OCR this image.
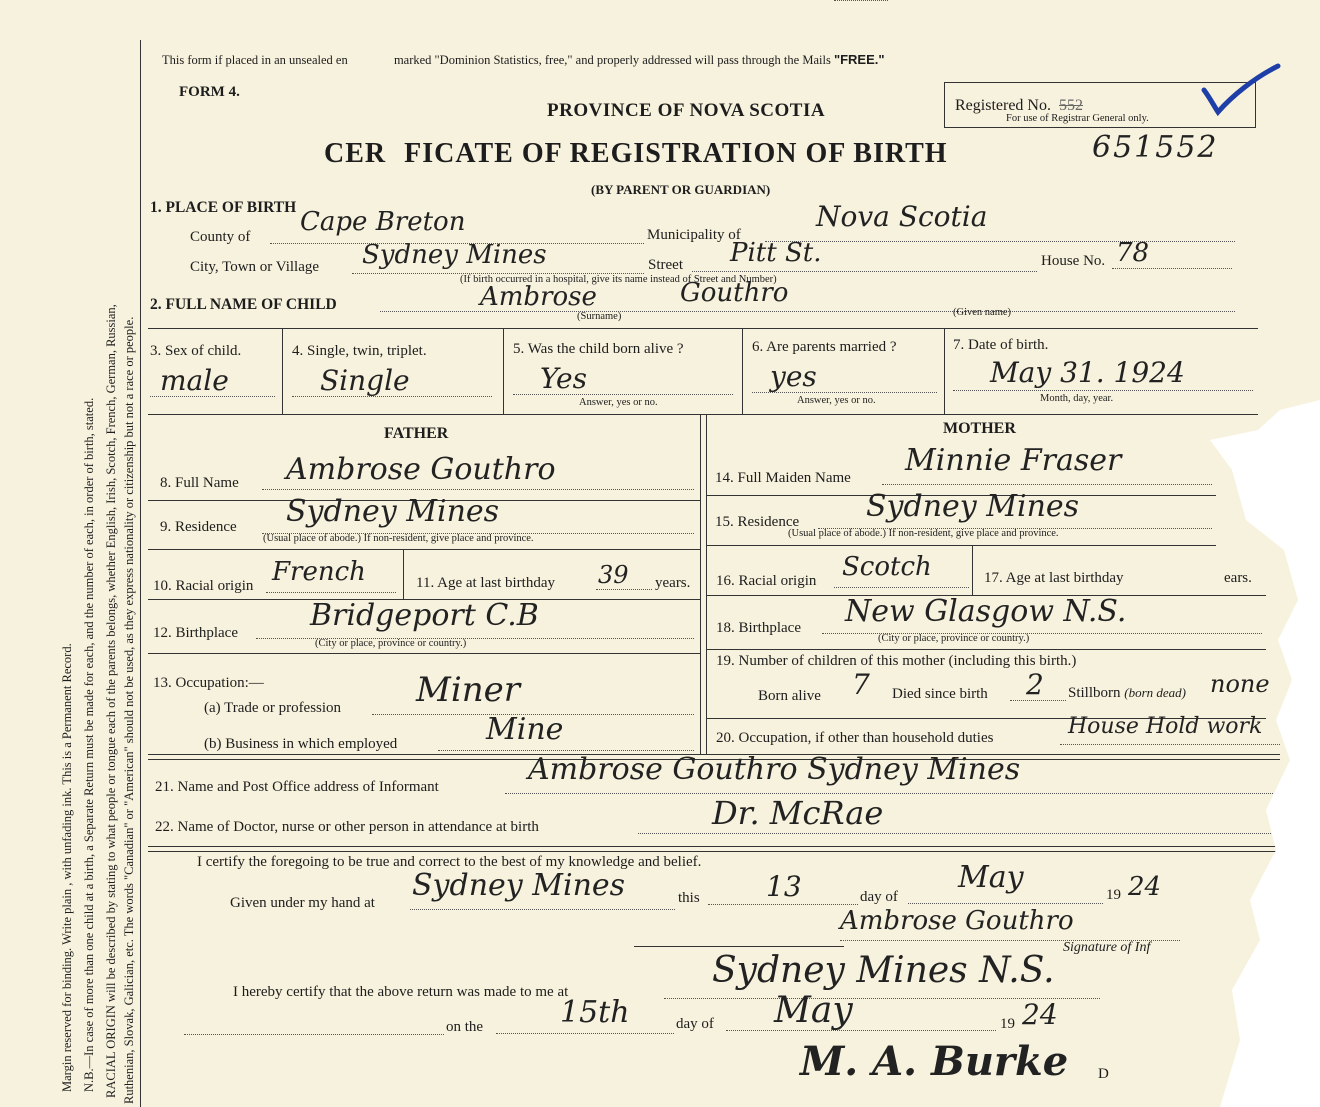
Margin reserved for binding. Write plain , with unfading ink. This is a Permanent Record. N.B.—In case of more than one child at a birth, a Separate Return must be made for each, and the number of each, in order of birth, stated. RACIAL ORIGIN will be described by stating to what people or tongue each of the parents belongs, whether English, Irish, Scotch, French, German, Russian, Ruthenian, Slovak, Galician, etc. The words "Canadian" or "American" should not be used, as they express nationality or citizenship but not a race or people.
This form if placed in an unsealed en	marked "Dominion Statistics, free," and properly addressed will pass through the Mails "FREE."
FORM 4.
PROVINCE OF NOVA SCOTIA	Registered No. 552
For use of Registrar General only.
CER FICATE OF REGISTRATION OF BIRTH	651552
(BY PARENT OR GUARDIAN)
1. PLACE OF BIRTH
County of Cape Breton	Municipality of
Nova Scotia
City, Town or Village Sydney Mines	Street Pitt St.	House No. 78
(If birth occurred in a hospital, give its name instead of Street and Number)
2. FULL NAME OF CHILD	Ambrose	Gouthro
(Surname)	(Given name)
3. Sex of child.
male
4. Single, twin, triplet.
Single
5. Was the child born alive ?
Yes
Answer, yes or no.
6. Are parents married ?
yes
Answer, yes or no.
7. Date of birth.
May 31. 1924
Month, day, year.
FATHER	MOTHER
8. Full Name Ambrose Gouthro
9. Residence Sydney Mines
(Usual place of abode.) If non-resident, give place and province.
10. Racial origin French	11. Age at last birthday 39 years.
12. Birthplace Bridgeport C.B
(City or place, province or country.)
13. Occupation:—
(a) Trade or profession Miner
(b) Business in which employed	Mine
14. Full Maiden Name Minnie Fraser
15. Residence Sydney Mines
(Usual place of abode.) If non-resident, give place and province.
16. Racial origin Scotch	17. Age at last birthday	ears.
18. Birthplace New Glasgow N.S.
(City or place, province or country.)
19. Number of children of this mother (including this birth.)
Born alive 7 Died since birth 2 Stillborn (born dead) none
20. Occupation, if other than household duties	House Hold work
21. Name and Post Office address of Informant	Ambrose Gouthro Sydney Mines
22. Name of Doctor, nurse or other person in attendance at birth	Dr. McRae
I certify the foregoing to be true and correct to the best of my knowledge and belief.
Given under my hand at Sydney Mines	this 13	day of
May	19 24
Ambrose Gouthro
Signature of Inf
I hereby certify that the above return was made to me at
Sydney Mines N.S.
on the	15th	day of May	19 24
M. A. Burke D
